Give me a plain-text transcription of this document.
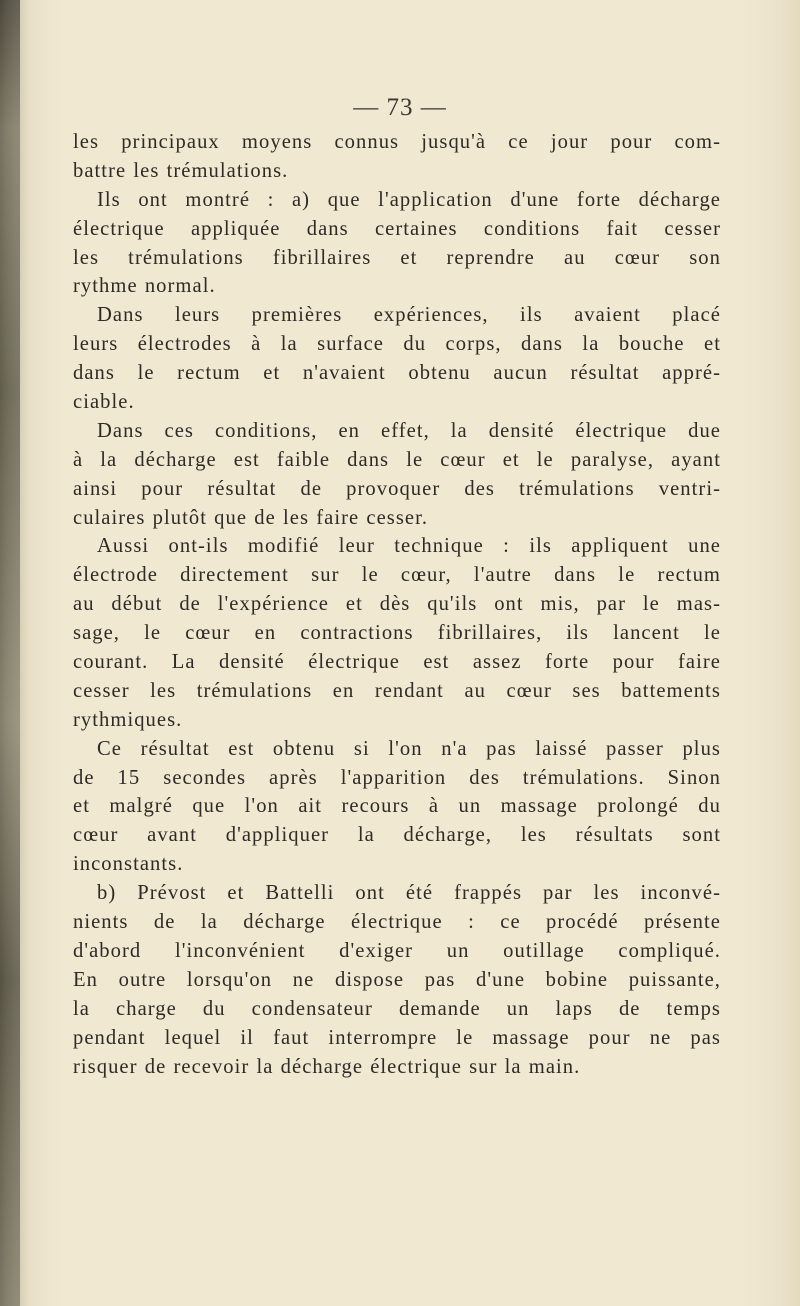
— 73 —
les principaux moyens connus jusqu'à ce jour pour com-
battre les trémulations.
Ils ont montré : a) que l'application d'une forte décharge
électrique appliquée dans certaines conditions fait cesser
les trémulations fibrillaires et reprendre au cœur son
rythme normal.
Dans leurs premières expériences, ils avaient placé
leurs électrodes à la surface du corps, dans la bouche et
dans le rectum et n'avaient obtenu aucun résultat appré-
ciable.
Dans ces conditions, en effet, la densité électrique due
à la décharge est faible dans le cœur et le paralyse, ayant
ainsi pour résultat de provoquer des trémulations ventri-
culaires plutôt que de les faire cesser.
Aussi ont-ils modifié leur technique : ils appliquent une
électrode directement sur le cœur, l'autre dans le rectum
au début de l'expérience et dès qu'ils ont mis, par le mas-
sage, le cœur en contractions fibrillaires, ils lancent le
courant. La densité électrique est assez forte pour faire
cesser les trémulations en rendant au cœur ses battements
rythmiques.
Ce résultat est obtenu si l'on n'a pas laissé passer plus
de 15 secondes après l'apparition des trémulations. Sinon
et malgré que l'on ait recours à un massage prolongé du
cœur avant d'appliquer la décharge, les résultats sont
inconstants.
b) Prévost et Battelli ont été frappés par les inconvé-
nients de la décharge électrique : ce procédé présente
d'abord l'inconvénient d'exiger un outillage compliqué.
En outre lorsqu'on ne dispose pas d'une bobine puissante,
la charge du condensateur demande un laps de temps
pendant lequel il faut interrompre le massage pour ne pas
risquer de recevoir la décharge électrique sur la main.
